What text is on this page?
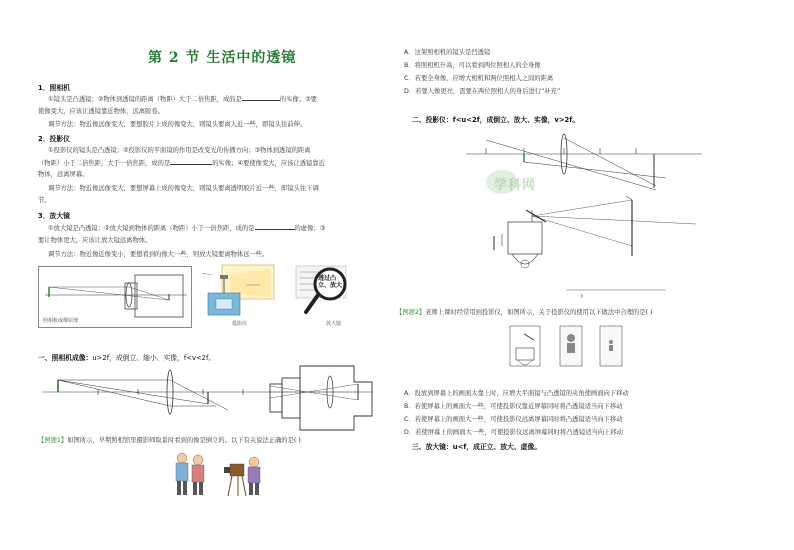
第 2 节 生活中的透镜
1．照相机
①镜头是凸透镜；②物体到透镜的距离（物距）大于二倍焦距，成的是	的实像；③要
使像变大，应该让透镜靠近物体，远离胶卷。
调节方法：物近像远像变大，要想胶片上成的像变大，则镜头要离人近一些，即镜头往前伸。
2．投影仪
①投影仪的镜头是凸透镜；②投影仪的平面镜的作用是改变光的传播方向；③物体到透镜的距离
（物距）小于二倍焦距，大于一倍焦距，成的是	的实像；④要使像变大，应该让透镜靠近
物体，远离屏幕。
调节方法：物近像远像变大，要想屏幕上成的像变大，则镜头要离透明胶片近一些，即镜头往下调
节。
3．放大镜
①放大镜是凸透镜；②放大镜到物体的距离（物距）小于一倍焦距，成的是	的虚像；③
要让物体更大，应该让放大镜远离物体。
调节方法：物近像近像变小，要想看到的像大一些，则放大镜要离物体远一些。
照相机成像原理	投影仪
透过凸立、放大
放大镜
一、照相机成像：u>2f，成倒立、缩小、实像，f<v<2f。
【例题1】如图所示，早期照相馆里摄影师取景时看到的像是倒立的。以下有关说法正确的是( )
A．这架照相机的镜头是凹透镜
B．将照相机升高，可以看到两位照相人的全身像
C．若要全身像，应增大相机和两位照相人之间的距离
D．若要人像更亮，需要在两位照相人的身后进行“补充”
二、投影仪：f<u<2f，成倒立、放大、实像，v>2f。
学科网
【例题2】老师上课时经常用到投影仪，如图所示，关于投影仪的使用以下做法中合理的是( )
A．投放到屏幕上的画面太靠上时，应增大平面镜与凸透镜的夹角使画面向下移动
B．若使屏幕上的画面大一些，可使投影仪靠近屏幕同时将凸透镜适当向下移动
C．若使屏幕上的画面大一些，可使投影仪远离屏幕同时将凸透镜适当向下移动
D．若使屏幕上的画面大一些，可使投影仪远离屏幕同时将凸透镜适当向上移动
三、放大镜：u<f，成正立、放大、虚像。
